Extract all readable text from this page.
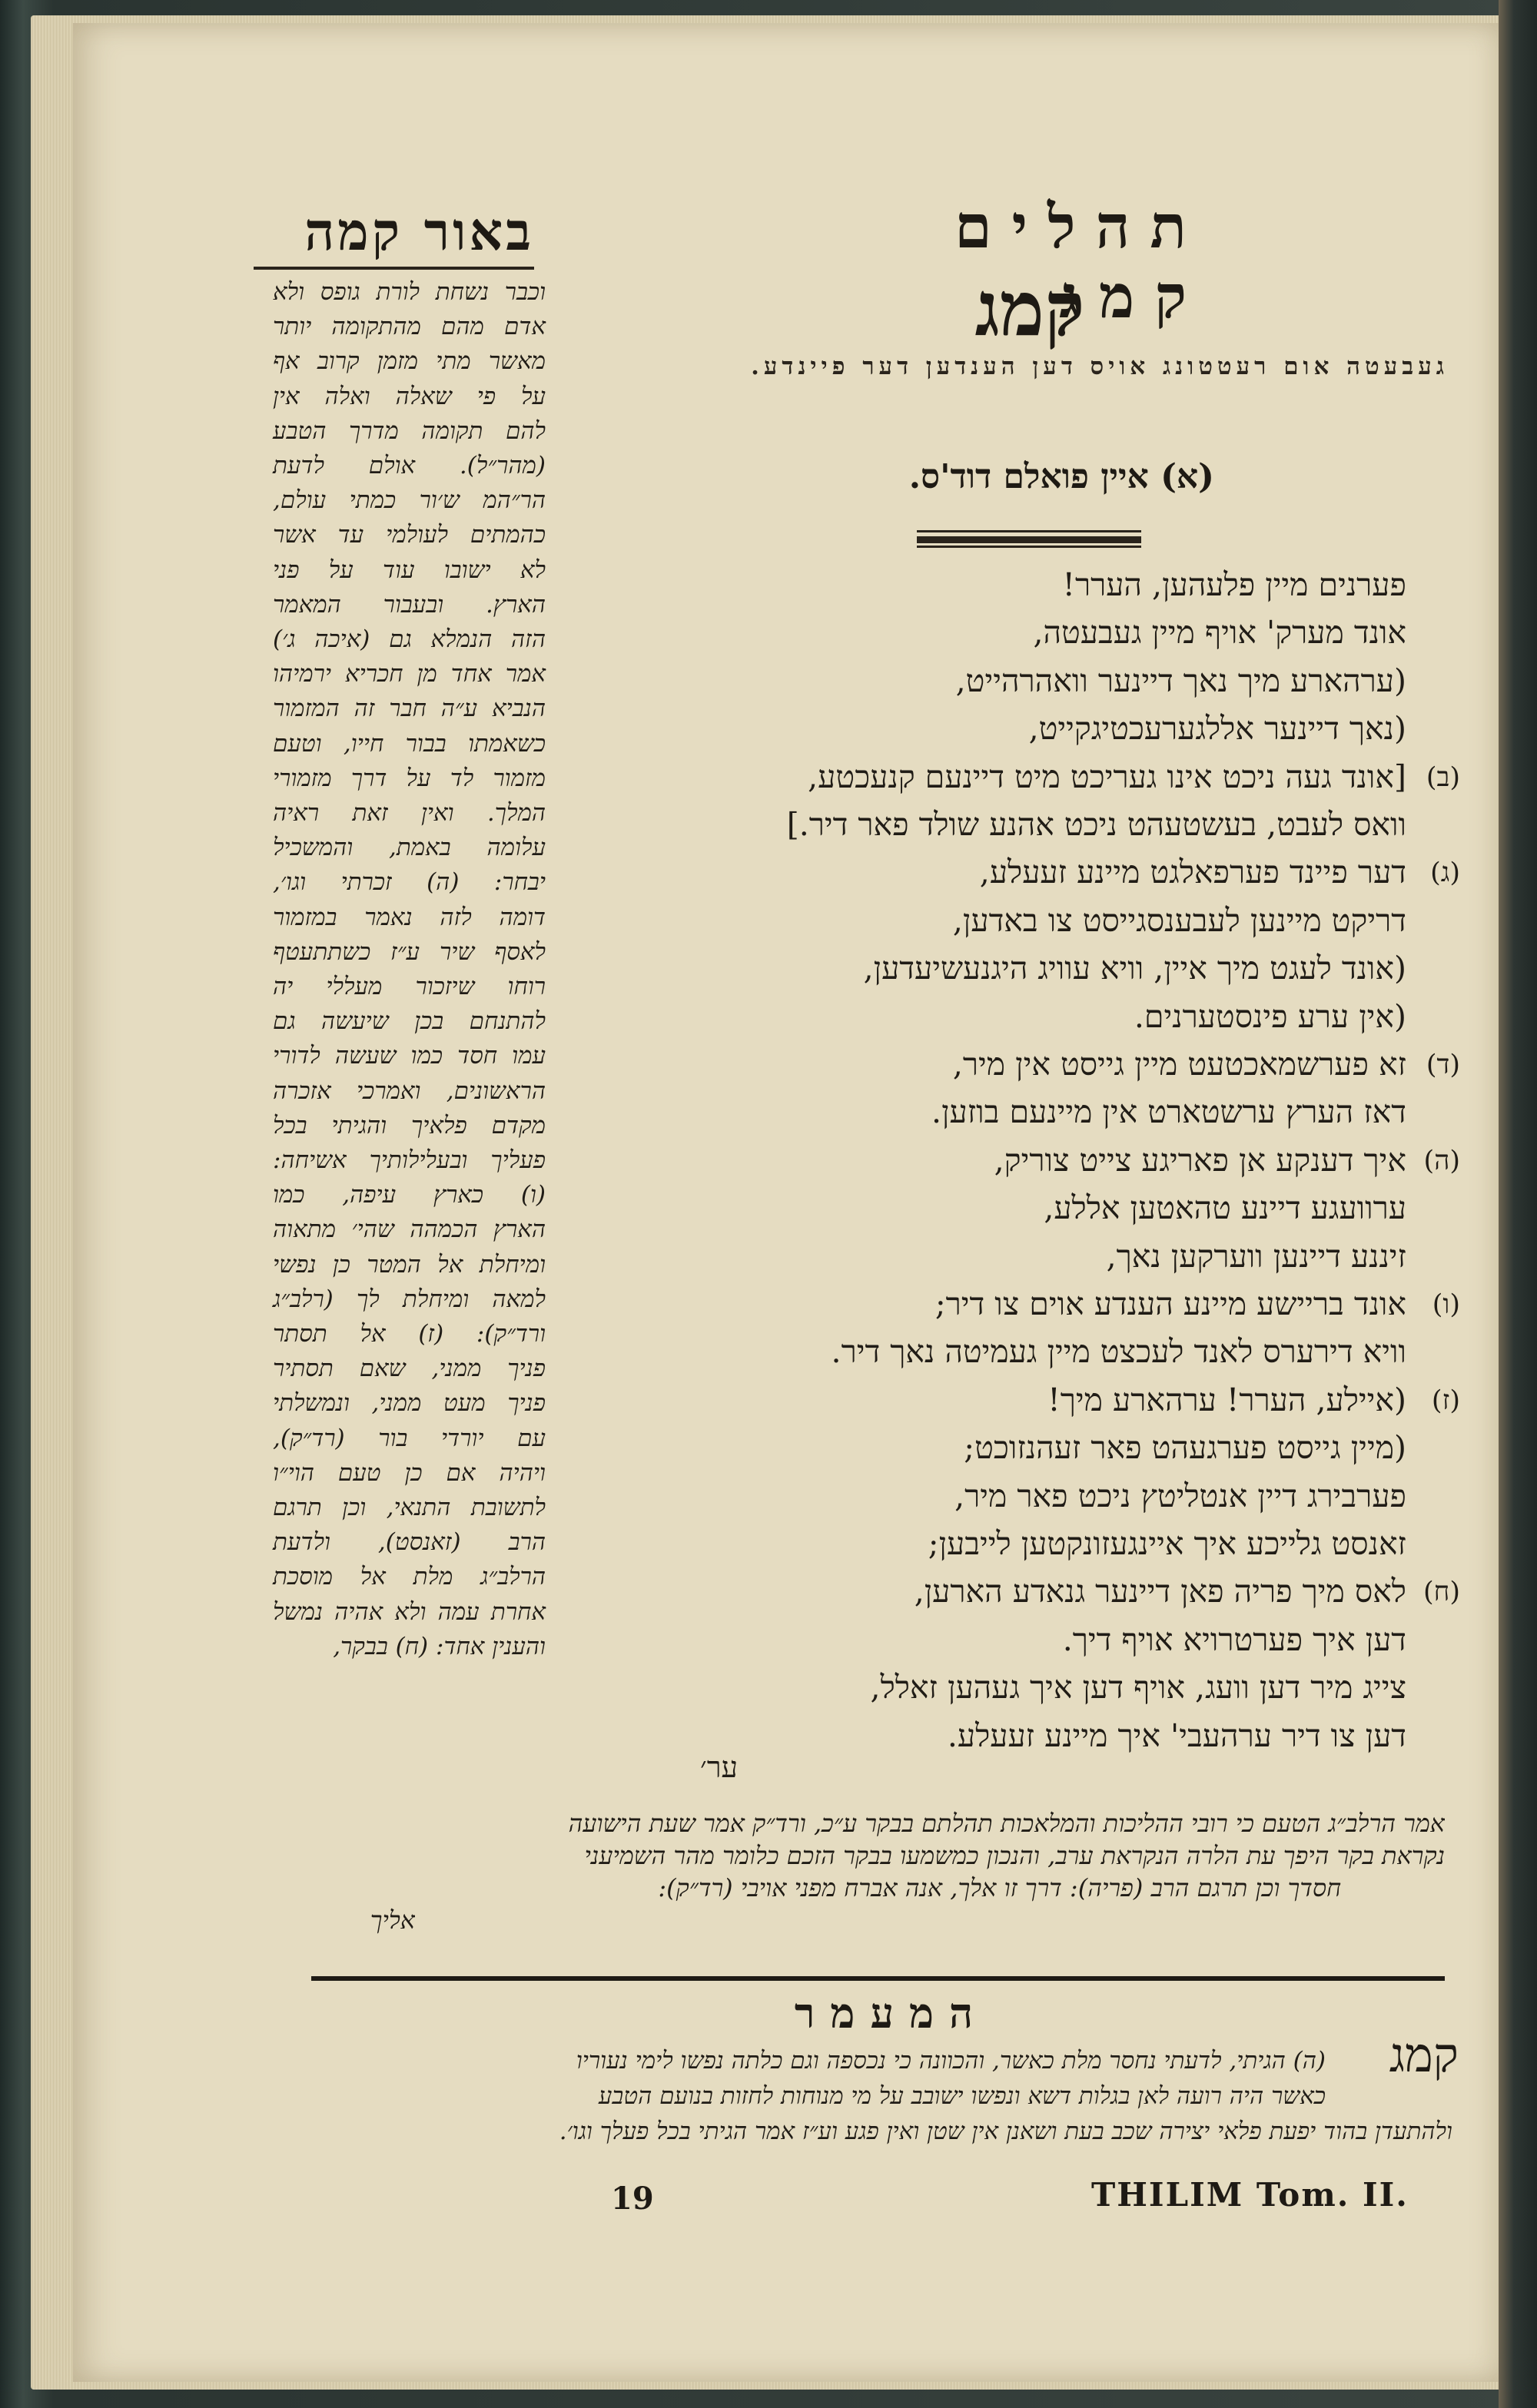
תהלים קמג
באור קמה
קמג
געבעטה אום רעטטונג אויס דען הענדען דער פיינדע.
(א) איין פואלם דוד'ס.
פערנים מיין פלעהען, הערר!
אונד מערק' אויף מיין געבעטה,
(ערהארע מיך נאך דיינער וואהרהייט,
(נאך דיינער אללגערעכטיגקייט,
[אונד געה ניכט אינו געריכט מיט דיינעם קנעכטע, (ב)
וואס לעבט, בעשטעהט ניכט אהנע שולד פאר דיר.]
דער פיינד פערפאלגט מיינע זעעלע, (ג)
דריקט מיינען לעבענסגייסט צו באדען,
(אונד לעגט מיך איין, וויא עוויג היגנעשיעדען,
(אין ערע פינסטערנים.
זא פערשמאכטעט מיין גייסט אין מיר, (ד)
דאז הערץ ערשטארט אין מיינעם בוזען.
איך דענקע אן פאריגע צייט צוריק, (ה)
ערוועגע דיינע טהאטען אללע,
זיננע דיינען ווערקען נאך,
אונד בריישע מיינע הענדע אוים צו דיר; (ו)
וויא דירערס לאנד לעכצט מיין געמיטה נאך דיר.
(איילע, הערר! ערהארע מיך! (ז)
(מיין גייסט פערגעהט פאר זעהנזוכט;
פערבירג דיין אנטליטץ ניכט פאר מיר,
זאנסט גלייכע איך איינגעזונקטען לייבען;
לאס מיך פריה פאן דיינער גנאדע הארען, (ח)
דען איך פערטרויא אויף דיך.
צייג מיר דען וועג, אויף דען איך געהען זאלל,
דען צו דיר ערהעבי' איך מיינע זעעלע.
וכבר נשחת לורת גופס ולא
אדם מהם מהתקומה יותר
מאשר מתי מזמן קרוב אף
על פי שאלה ואלה אין
להם תקומה מדרך הטבע
(מהר״ל). אולם לדעת
הר״המ ש׳ור כמתי עולם,
כהמתים לעולמי עד אשר
לא ישובו עוד על פני
הארץ. ובעבור המאמר
הזה הנמלא גם (איכה ג׳)
אמר אחד מן חכריא ירמיהו
הנביא ע״ה חבר זה המזמור
כשאמתו בבור חייו, וטעם
מזמור לד על דרך מזמורי
המלך. ואין זאת ראיה
עלומה באמת, והמשכיל
יבחר: (ה) זכרתי וגו׳,
דומה לזה נאמר במזמור
לאסף שיר ע״ז כשתתעטף
רוחו שיזכור מעללי יה
להתנחם בכן שיעשה גם
עמו חסד כמו שעשה לדורי
הראשונים, ואמרכי אזכרה
מקדם פלאיך והגיתי בכל
פעליך ובעלילותיך אשיחה:
(ו) כארץ עיפה, כמו
הארץ הכמהה שהי׳ מתאוה
ומיחלת אל המטר כן נפשי
למאה ומיחלת לך (רלב״ג
ורד״ק): (ז) אל תסתר
פניך ממני, שאם תסתיר
פניך מעט ממני, ונמשלתי
עם יורדי בור (רד״ק),
ויהיה אם כן טעם הוי״ו
לתשובת התנאי, וכן תרגם
הרב (זאנסט), ולדעת
הרלב״ג מלת אל מוסכת
אחרת עמה ולא אהיה נמשל
והענין אחד: (ח) בבקר,
אמר הרלב״ג הטעם כי רובי ההליכות והמלאכות תהלתם בבקר ע״כ, ורד״ק אמר שעת הישועה
נקראת בקר היפך עת הלרה הנקראת ערב, והנכון כמשמעו בבקר הזכם כלומר מהר השמיעני
חסדך וכן תרגם הרב (פריה): דרך זו אלך, אנה אברח מפני אויבי (רד״ק):
אליך
ער׳
המעמר
קמג
(ה) הגיתי, לדעתי נחסר מלת כאשר, והכוונה כי נכספה וגם כלתה נפשו לימי נעוריו
כאשר היה רועה לאן בגלות דשא ונפשו ישובב על מי מנוחות לחזות בנועם הטבע
ולהתעדן בהוד יפעת פלאי יצירה שכב בעת ושאנן אין שטן ואין פגע וע״ז אמר הגיתי בכל פעלך וגו׳.
19	THILIM Tom. II.
